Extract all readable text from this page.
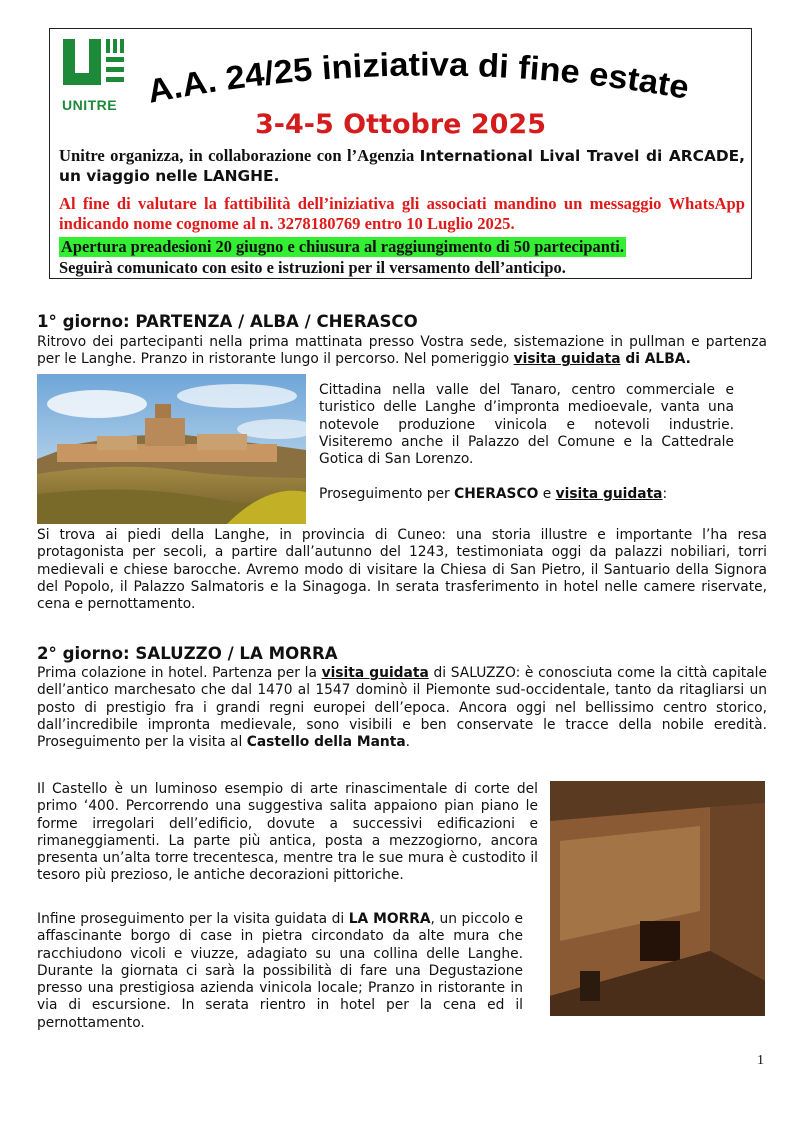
UNITRE A.A. 24/25 iniziativa di fine estate
3-4-5 Ottobre 2025
Unitre organizza, in collaborazione con l’Agenzia International Lival Travel di ARCADE, un viaggio nelle LANGHE.
Al fine di valutare la fattibilità dell’iniziativa gli associati mandino un messaggio WhatsApp indicando nome cognome al n. 3278180769 entro 10 Luglio 2025.
Apertura preadesioni 20 giugno e chiusura al raggiungimento di 50 partecipanti.
Seguirà comunicato con esito e istruzioni per il versamento dell’anticipo.
1° giorno: PARTENZA / ALBA / CHERASCO
Ritrovo dei partecipanti nella prima mattinata presso Vostra sede, sistemazione in pullman e partenza per le Langhe. Pranzo in ristorante lungo il percorso. Nel pomeriggio visita guidata di ALBA.
Cittadina nella valle del Tanaro, centro commerciale e turistico delle Langhe d’impronta medioevale, vanta una notevole produzione vinicola e notevoli industrie. Visiteremo anche il Palazzo del Comune e la Cattedrale Gotica di San Lorenzo.
Proseguimento per CHERASCO e visita guidata:
Si trova ai piedi della Langhe, in provincia di Cuneo: una storia illustre e importante l’ha resa protagonista per secoli, a partire dall’autunno del 1243, testimoniata oggi da palazzi nobiliari, torri medievali e chiese barocche. Avremo modo di visitare la Chiesa di San Pietro, il Santuario della Signora del Popolo, il Palazzo Salmatoris e la Sinagoga. In serata trasferimento in hotel nelle camere riservate, cena e pernottamento.
2° giorno: SALUZZO / LA MORRA
Prima colazione in hotel. Partenza per la visita guidata di SALUZZO: è conosciuta come la città capitale dell’antico marchesato che dal 1470 al 1547 dominò il Piemonte sud-occidentale, tanto da ritagliarsi un posto di prestigio fra i grandi regni europei dell’epoca. Ancora oggi nel bellissimo centro storico, dall’incredibile impronta medievale, sono visibili e ben conservate le tracce della nobile eredità. Proseguimento per la visita al Castello della Manta.
Il Castello è un luminoso esempio di arte rinascimentale di corte del primo ‘400. Percorrendo una suggestiva salita appaiono pian piano le forme irregolari dell’edificio, dovute a successivi edificazioni e rimaneggiamenti. La parte più antica, posta a mezzogiorno, ancora presenta un’alta torre trecentesca, mentre tra le sue mura è custodito il tesoro più prezioso, le antiche decorazioni pittoriche.
Infine proseguimento per la visita guidata di LA MORRA, un piccolo e affascinante borgo di case in pietra circondato da alte mura che racchiudono vicoli e viuzze, adagiato su una collina delle Langhe. Durante la giornata ci sarà la possibilità di fare una Degustazione presso una prestigiosa azienda vinicola locale; Pranzo in ristorante in via di escursione. In serata rientro in hotel per la cena ed il pernottamento.
1
